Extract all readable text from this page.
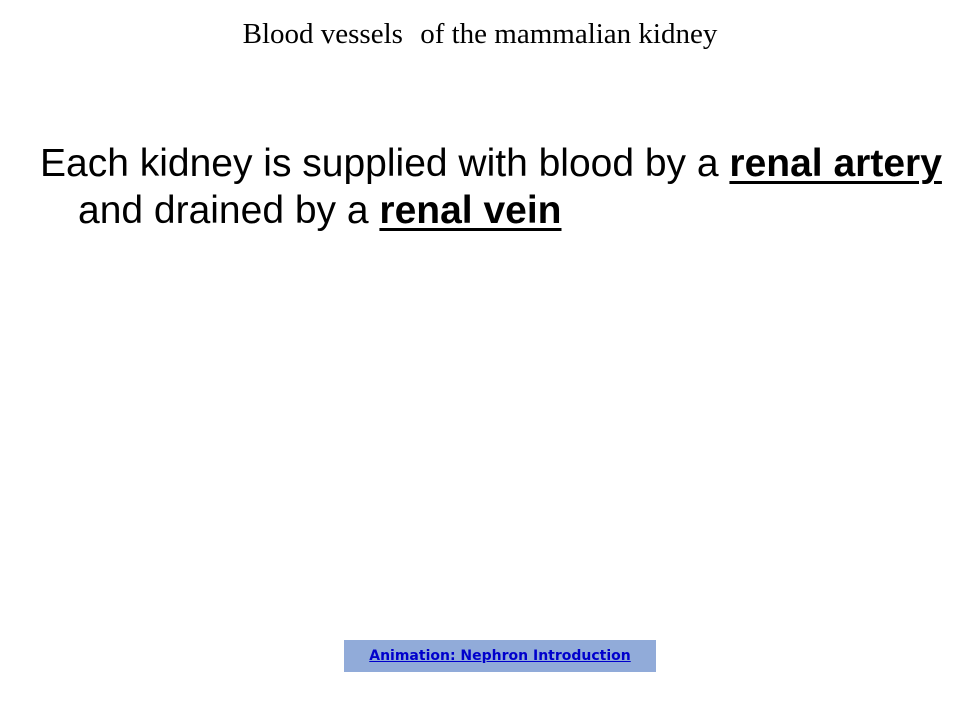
Blood vessels of the mammalian kidney
Each kidney is supplied with blood by a renal artery and drained by a renal vein
Animation: Nephron Introduction
